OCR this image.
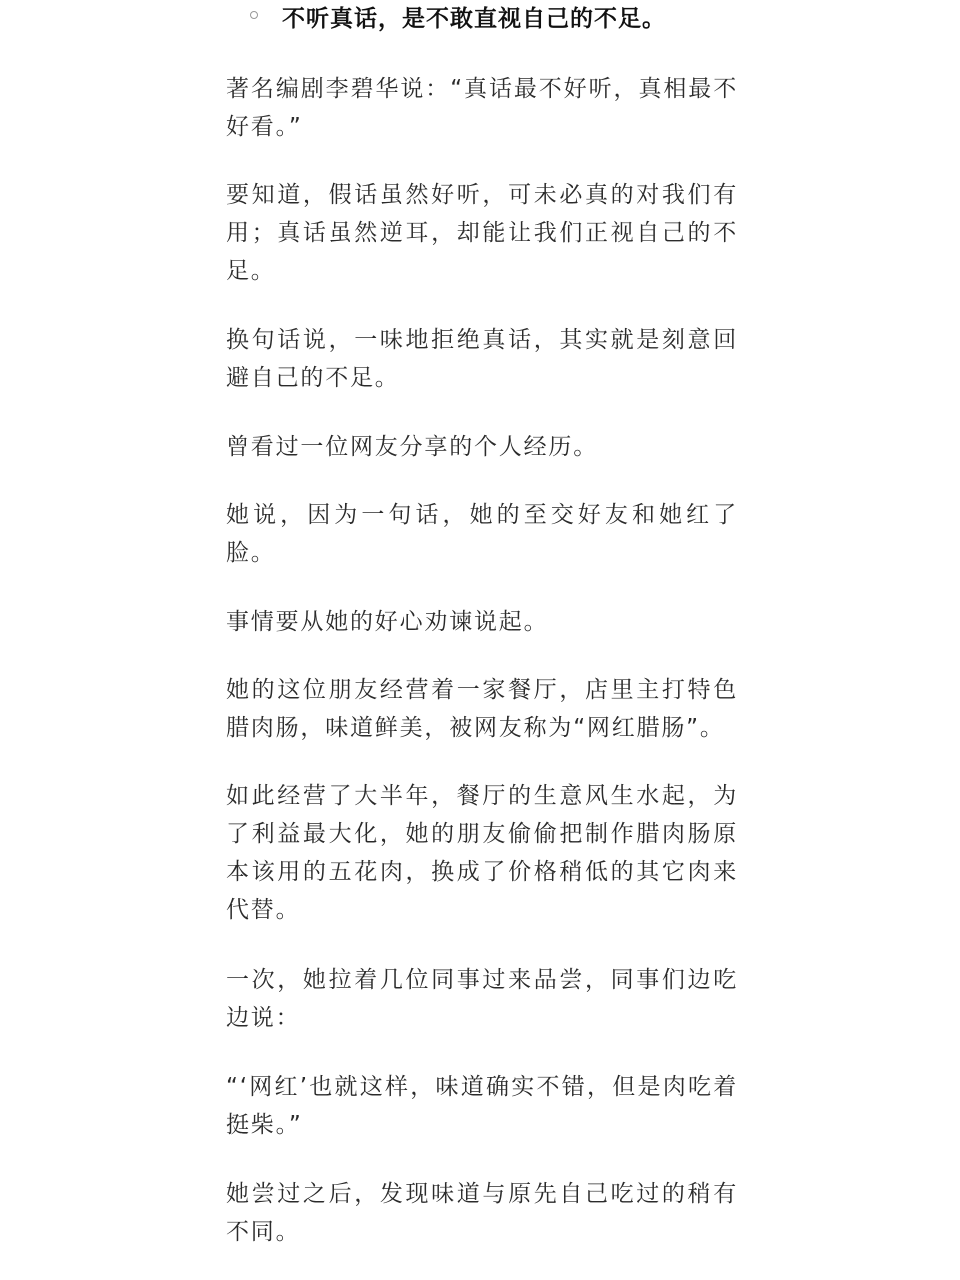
不听真话，是不敢直视自己的不足。

著名编剧李碧华说：“真话最不好听，真相最不好看。”

要知道，假话虽然好听，可未必真的对我们有用；真话虽然逆耳，却能让我们正视自己的不足。

换句话说，一味地拒绝真话，其实就是刻意回避自己的不足。

曾看过一位网友分享的个人经历。

她说，因为一句话，她的至交好友和她红了脸。

事情要从她的好心劝谏说起。

她的这位朋友经营着一家餐厅，店里主打特色腊肉肠，味道鲜美，被网友称为“网红腊肠”。

如此经营了大半年，餐厅的生意风生水起，为了利益最大化，她的朋友偷偷把制作腊肉肠原本该用的五花肉，换成了价格稍低的其它肉来代替。

一次，她拉着几位同事过来品尝，同事们边吃边说：

“‘网红’也就这样，味道确实不错，但是肉吃着挺柴。”

她尝过之后，发现味道与原先自己吃过的稍有不同。
